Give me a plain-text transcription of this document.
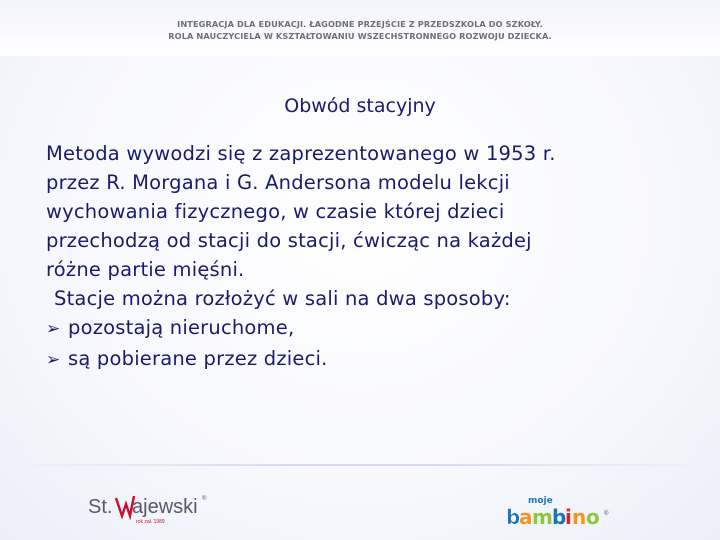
INTEGRACJA DLA EDUKACJI. ŁAGODNE PRZEJŚCIE Z PRZEDSZKOLA DO SZKOŁY.
ROLA NAUCZYCIELA W KSZTAŁTOWANIU WSZECHSTRONNEGO ROZWOJU DZIECKA.
Obwód stacyjny

Metoda wywodzi się z zaprezentowanego w 1953 r.

przez R. Morgana i G. Andersona modelu lekcji

wychowania fizycznego, w czasie której dzieci

przechodzą od stacji do stacji, ćwicząc na każdej

różne partie mięśni.

Stacje można rozłożyć w sali na dwa sposoby:

➢ pozostają nieruchome,
➢ są pobierane przez dzieci.
St. ajewski
rok zał. 1989
®	moje
b
a m b
i n o ®
